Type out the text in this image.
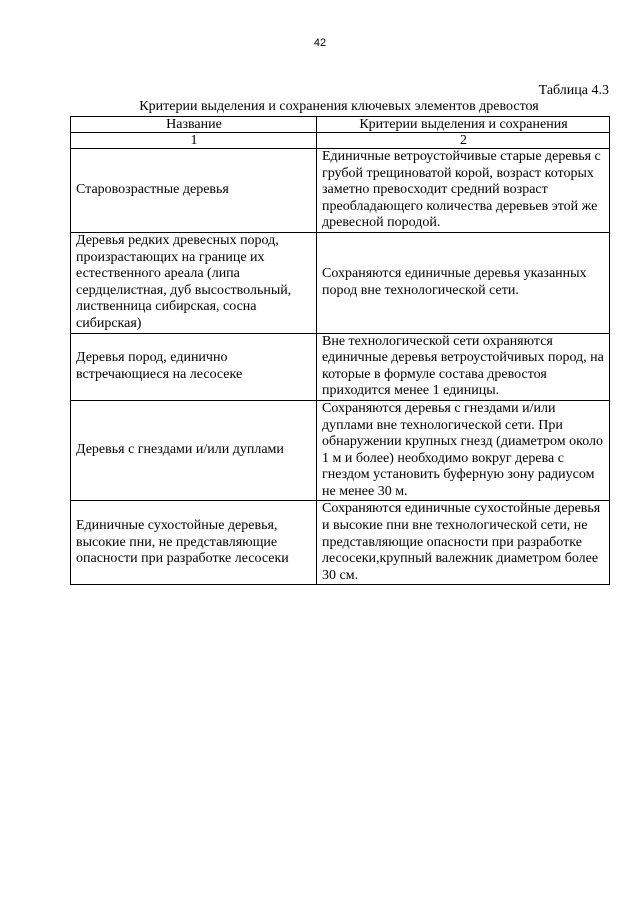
42
Таблица 4.3
Критерии выделения и сохранения ключевых элементов древостоя
Название	Критерии выделения и сохранения
1	2
Старовозрастные деревья	Единичные ветроустойчивые старые деревья с грубой трещиноватой корой, возраст которых заметно превосходит средний возраст преобладающего количества деревьев этой же древесной породой.
Деревья редких древесных пород, произрастающих на границе их естественного ареала (липа сердцелистная, дуб высоствольный, лиственница сибирская, сосна сибирская)	Сохраняются единичные деревья указанных пород вне технологической сети.
Деревья пород, единично встречающиеся на лесосеке	Вне технологической сети охраняются единичные деревья ветроустойчивых пород, на которые в формуле состава древостоя приходится менее 1 единицы.
Деревья с гнездами и/или дуплами	Сохраняются деревья с гнездами и/или дуплами вне технологической сети. При обнаружении крупных гнезд (диаметром около 1 м и более) необходимо вокруг дерева с гнездом установить буферную зону радиусом не менее 30 м.
Единичные сухостойные деревья, высокие пни, не представляющие опасности при разработке лесосеки	Сохраняются единичные сухостойные деревья и высокие пни вне технологической сети, не представляющие опасности при разработке лесосеки,крупный валежник диаметром более 30 см.
